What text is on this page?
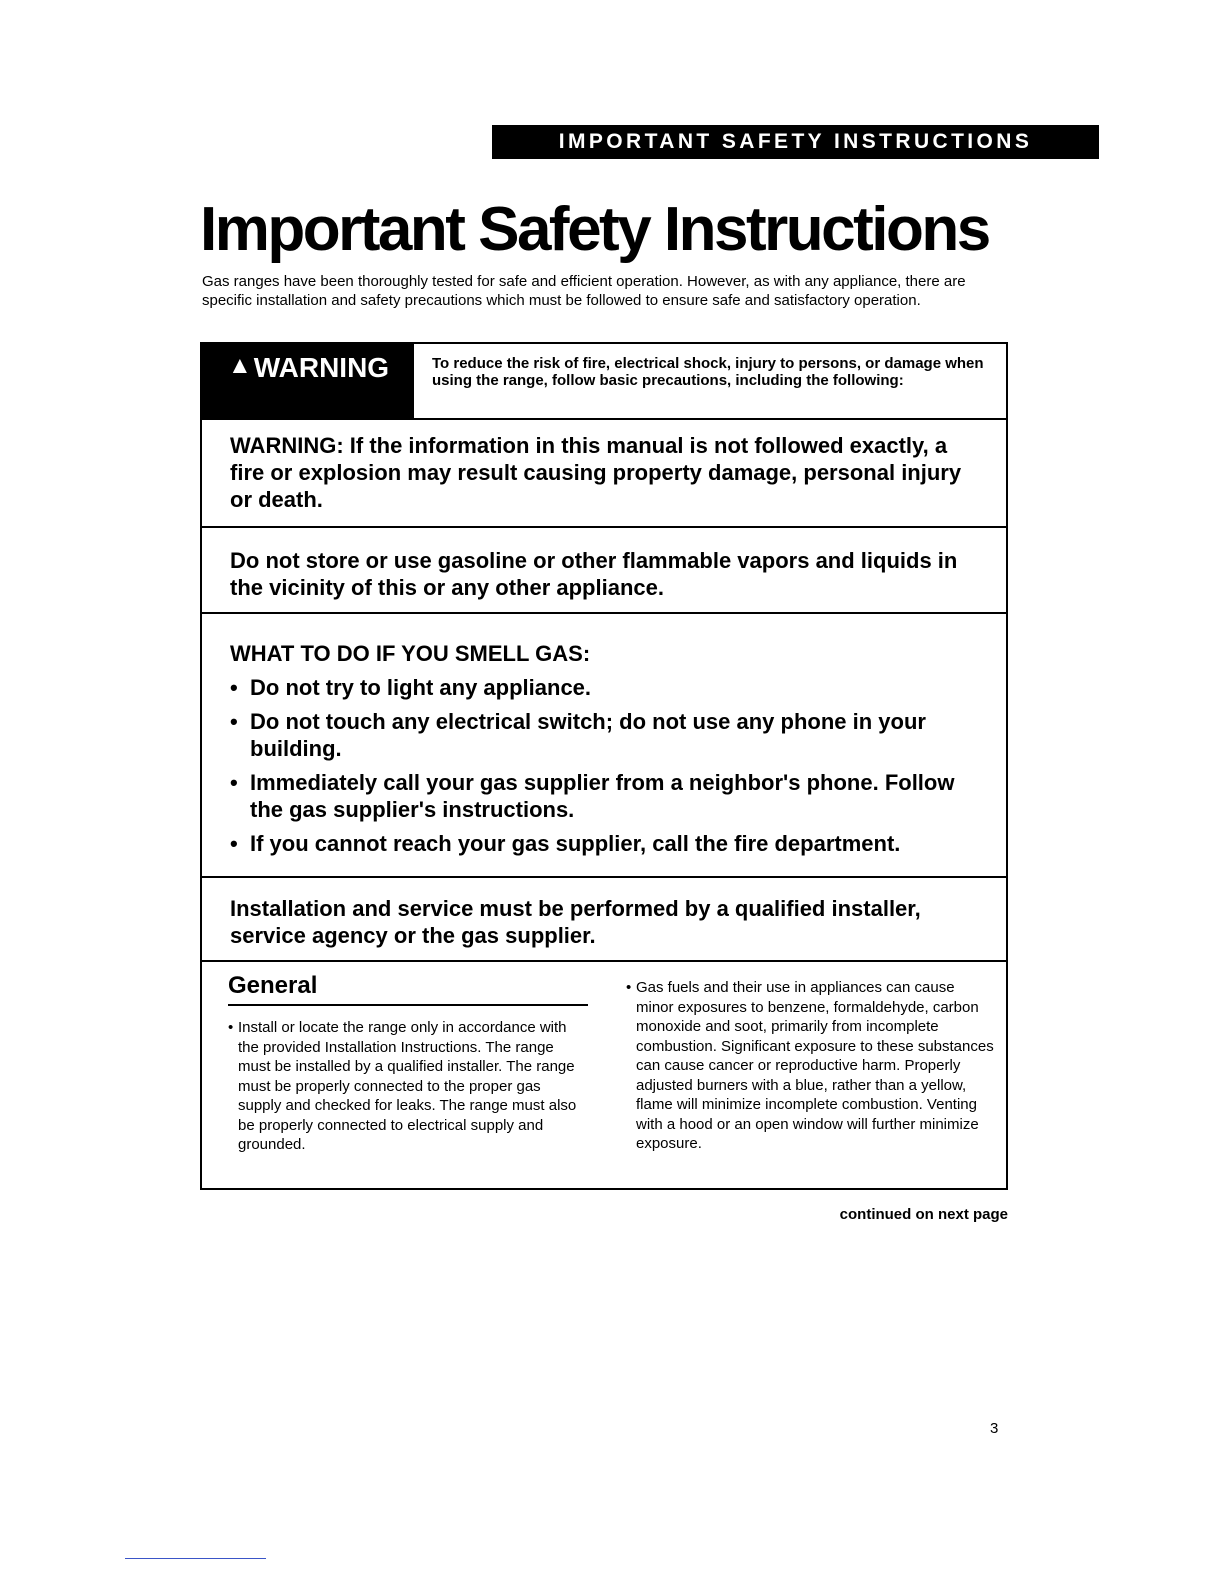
IMPORTANT SAFETY INSTRUCTIONS
Important Safety Instructions
Gas ranges have been thoroughly tested for safe and efficient operation. However, as with any appliance, there are specific installation and safety precautions which must be followed to ensure safe and satisfactory operation.
▲ WARNING	To reduce the risk of fire, electrical shock, injury to persons, or damage when using the range, follow basic precautions, including the following:
WARNING: If the information in this manual is not followed exactly, a fire or explosion may result causing property damage, personal injury or death.
Do not store or use gasoline or other flammable vapors and liquids in the vicinity of this or any other appliance.
WHAT TO DO IF YOU SMELL GAS:
• Do not try to light any appliance.
• Do not touch any electrical switch; do not use any phone in your building.
• Immediately call your gas supplier from a neighbor's phone. Follow the gas supplier's instructions.
• If you cannot reach your gas supplier, call the fire department.
Installation and service must be performed by a qualified installer, service agency or the gas supplier.
General
• Install or locate the range only in accordance with the provided Installation Instructions. The range must be installed by a qualified installer. The range must be properly connected to the proper gas supply and checked for leaks. The range must also be properly connected to electrical supply and grounded.
• Gas fuels and their use in appliances can cause minor exposures to benzene, formaldehyde, carbon monoxide and soot, primarily from incomplete combustion. Significant exposure to these substances can cause cancer or reproductive harm. Properly adjusted burners with a blue, rather than a yellow, flame will minimize incomplete combustion. Venting with a hood or an open window will further minimize exposure.
continued on next page
3
